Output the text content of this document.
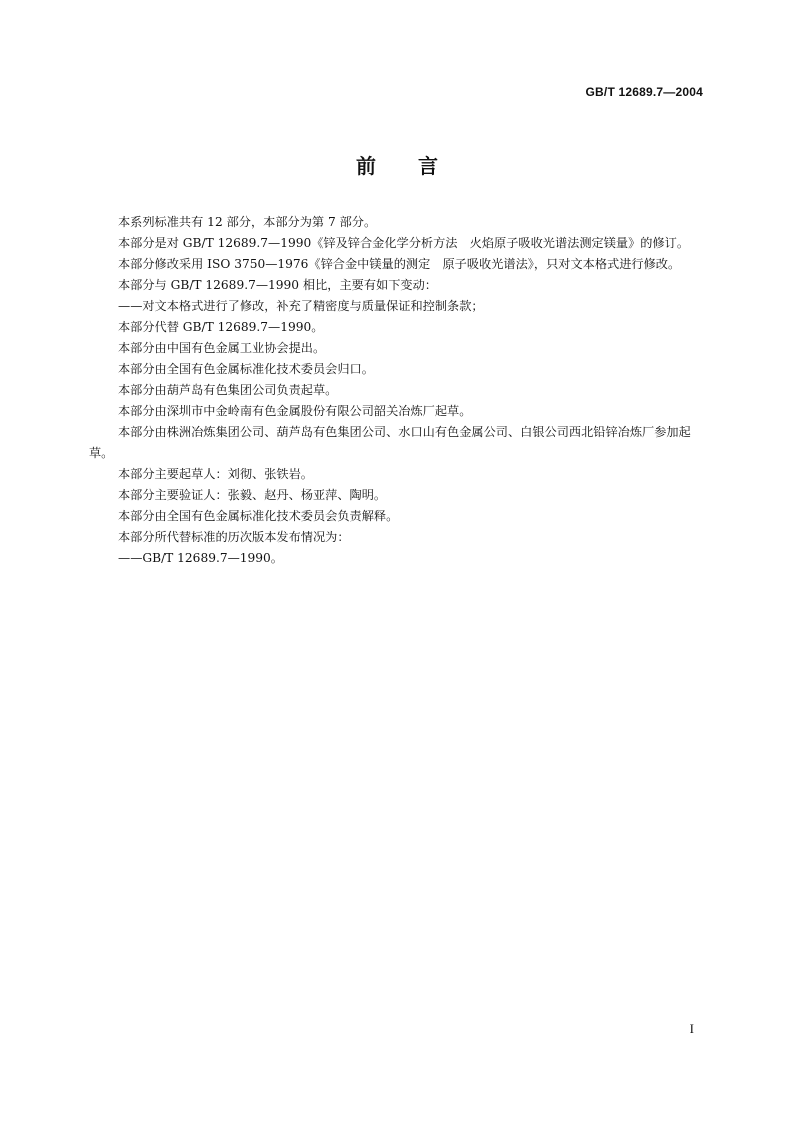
GB/T 12689.7—2004

前言

本系列标准共有 12 部分，本部分为第 7 部分。

本部分是对 GB/T 12689.7—1990《锌及锌合金化学分析方法　火焰原子吸收光谱法测定镁量》的修订。

本部分修改采用 ISO 3750—1976《锌合金中镁量的测定　原子吸收光谱法》，只对文本格式进行修改。

本部分与 GB/T 12689.7—1990 相比，主要有如下变动：

——对文本格式进行了修改，补充了精密度与质量保证和控制条款；

本部分代替 GB/T 12689.7—1990。

本部分由中国有色金属工业协会提出。

本部分由全国有色金属标准化技术委员会归口。

本部分由葫芦岛有色集团公司负责起草。

本部分由深圳市中金岭南有色金属股份有限公司韶关冶炼厂起草。

本部分由株洲冶炼集团公司、葫芦岛有色集团公司、水口山有色金属公司、白银公司西北铅锌冶炼厂参加起草。

本部分主要起草人：刘彻、张铁岩。

本部分主要验证人：张毅、赵丹、杨亚萍、陶明。

本部分由全国有色金属标准化技术委员会负责解释。

本部分所代替标准的历次版本发布情况为：

——GB/T 12689.7—1990。

I
